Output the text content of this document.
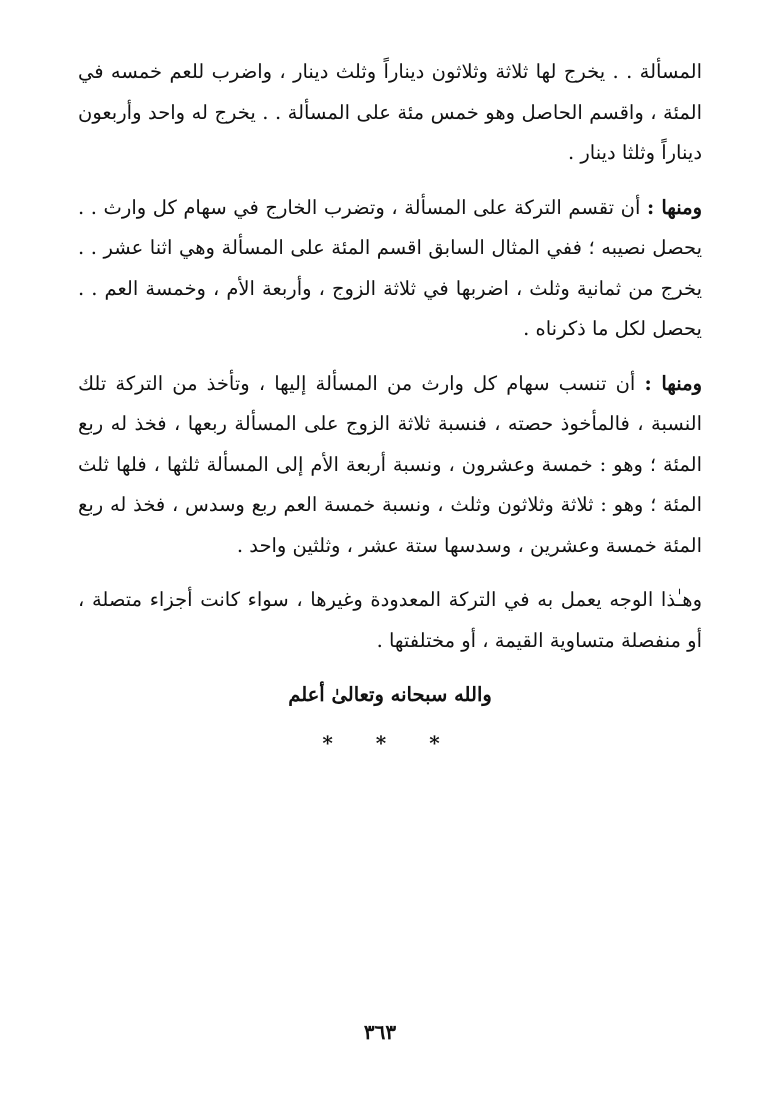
المسألة . . يخرج لها ثلاثة وثلاثون ديناراً وثلث دينار ، واضرب للعم خمسه في المئة ، واقسم الحاصل وهو خمس مئة على المسألة . . يخرج له واحد وأربعون ديناراً وثلثا دينار .

ومنها : أن تقسم التركة على المسألة ، وتضرب الخارج في سهام كل وارث . . يحصل نصيبه ؛ ففي المثال السابق اقسم المئة على المسألة وهي اثنا عشر . . يخرج من ثمانية وثلث ، اضربها في ثلاثة الزوج ، وأربعة الأم ، وخمسة العم . . يحصل لكل ما ذكرناه .

ومنها : أن تنسب سهام كل وارث من المسألة إليها ، وتأخذ من التركة تلك النسبة ، فالمأخوذ حصته ، فنسبة ثلاثة الزوج على المسألة ربعها ، فخذ له ربع المئة ؛ وهو : خمسة وعشرون ، ونسبة أربعة الأم إلى المسألة ثلثها ، فلها ثلث المئة ؛ وهو : ثلاثة وثلاثون وثلث ، ونسبة خمسة العم ربع وسدس ، فخذ له ربع المئة خمسة وعشرين ، وسدسها ستة عشر ، وثلثين واحد .

وهـٰذا الوجه يعمل به في التركة المعدودة وغيرها ، سواء كانت أجزاء متصلة ، أو منفصلة متساوية القيمة ، أو مختلفتها .

والله سبحانه وتعالىٰ أعلم
* * *
٣٦٣
